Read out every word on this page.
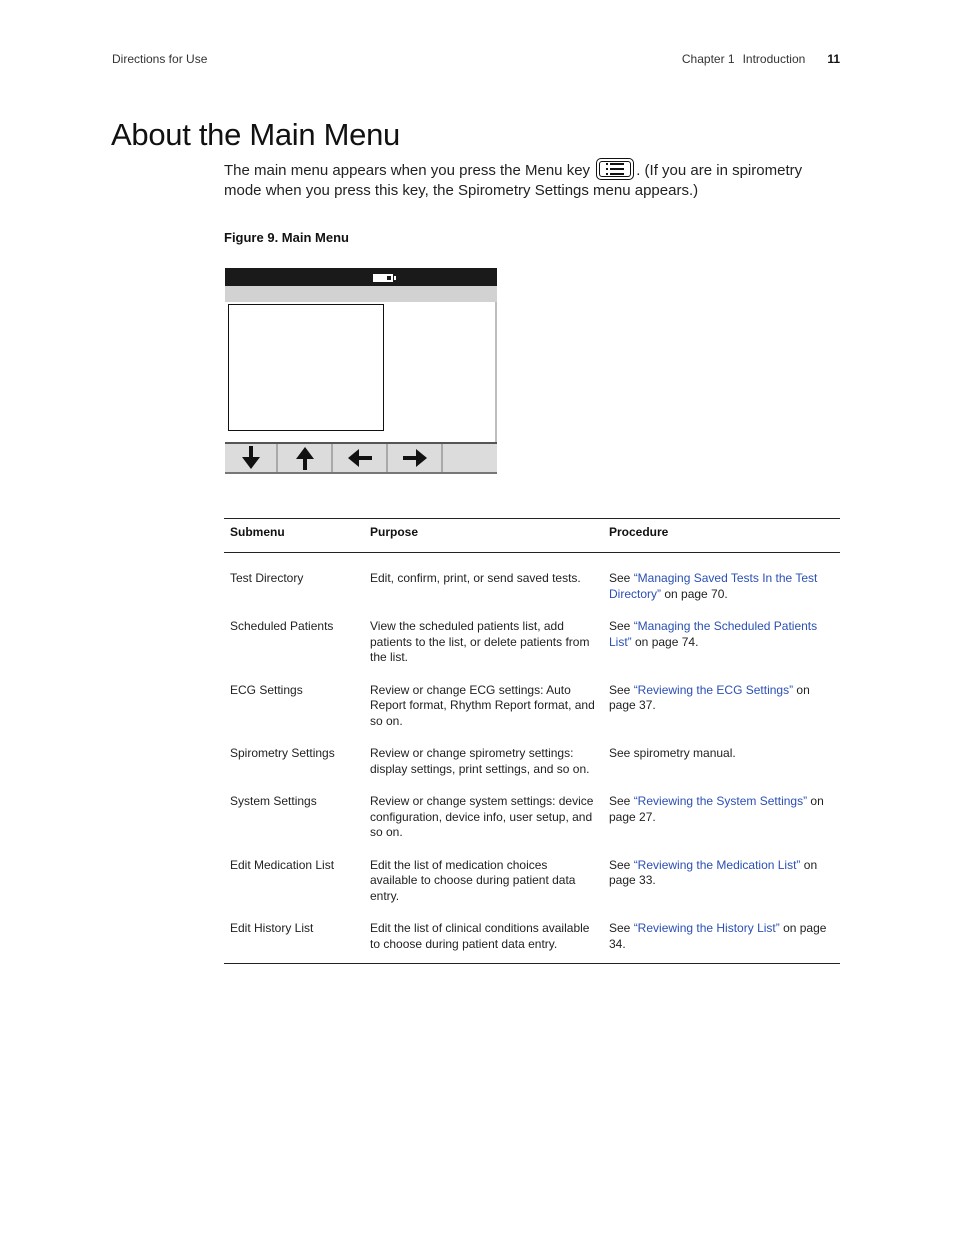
Directions for Use	Chapter 1 Introduction 11
About the Main Menu
The main menu appears when you press the Menu key	. (If you are in spirometry mode when you press this key, the Spirometry Settings menu appears.)
Figure 9. Main Menu
Submenu	Purpose	Procedure
Test Directory	Edit, confirm, print, or send saved tests.	See “Managing Saved Tests In the Test Directory” on page 70.
Scheduled Patients	View the scheduled patients list, add patients to the list, or delete patients from the list.	See “Managing the Scheduled Patients List” on page 74.
ECG Settings	Review or change ECG settings: Auto Report format, Rhythm Report format, and so on.	See “Reviewing the ECG Settings” on page 37.
Spirometry Settings	Review or change spirometry settings: display settings, print settings, and so on.	See spirometry manual.
System Settings	Review or change system settings: device configuration, device info, user setup, and so on.	See “Reviewing the System Settings” on page 27.
Edit Medication List	Edit the list of medication choices available to choose during patient data entry.	See “Reviewing the Medication List” on page 33.
Edit History List	Edit the list of clinical conditions available to choose during patient data entry.	See “Reviewing the History List” on page 34.
